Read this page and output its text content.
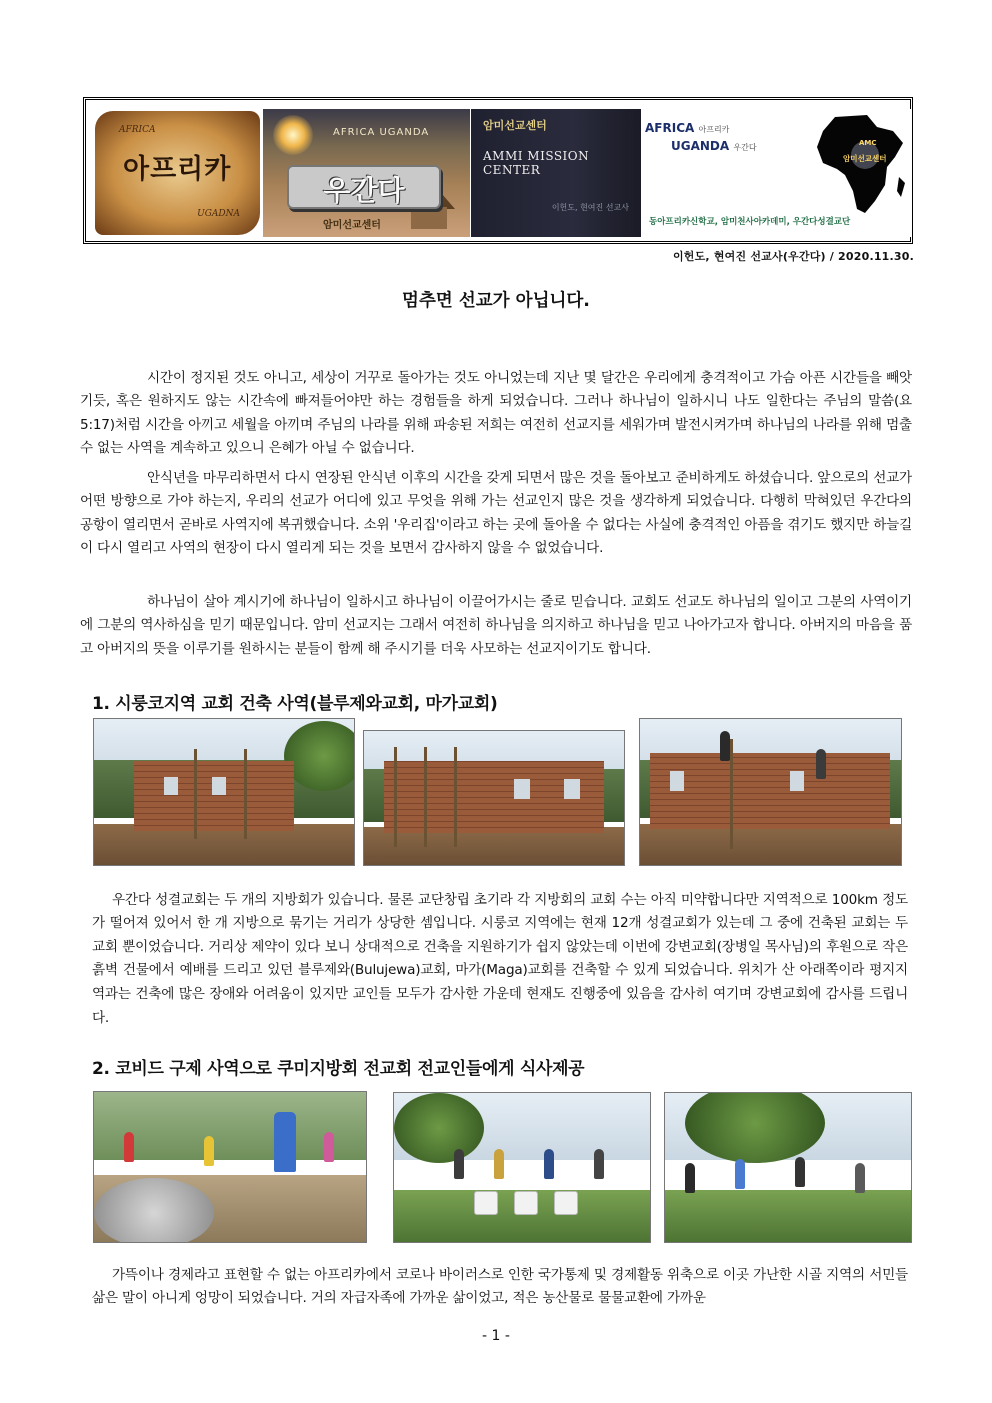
AFRICA
아프리카
UGADNA
AFRICA UGANDA
우간다
암미선교센터
암미선교센터
AMMI MISSION CENTER
이헌도, 현여진 선교사
AFRICA 아프리카
UGANDA 우간다	AMC
암미선교센터
동아프리카신학교, 암미천사아카데미, 우간다성결교단
이헌도, 현여진 선교사(우간다) / 2020.11.30.
멈추면 선교가 아닙니다.

시간이 정지된 것도 아니고, 세상이 거꾸로 돌아가는 것도 아니었는데 지난 몇 달간은 우리에게 충격적이고 가슴 아픈 시간들을 빼앗기듯, 혹은 원하지도 않는 시간속에 빠져들어야만 하는 경험들을 하게 되었습니다. 그러나 하나님이 일하시니 나도 일한다는 주님의 말씀(요 5:17)처럼 시간을 아끼고 세월을 아끼며 주님의 나라를 위해 파송된 저희는 여전히 선교지를 세워가며 발전시켜가며 하나님의 나라를 위해 멈출 수 없는 사역을 계속하고 있으니 은혜가 아닐 수 없습니다.

안식년을 마무리하면서 다시 연장된 안식년 이후의 시간을 갖게 되면서 많은 것을 돌아보고 준비하게도 하셨습니다. 앞으로의 선교가 어떤 방향으로 가야 하는지, 우리의 선교가 어디에 있고 무엇을 위해 가는 선교인지 많은 것을 생각하게 되었습니다. 다행히 막혀있던 우간다의 공항이 열리면서 곧바로 사역지에 복귀했습니다. 소위 '우리집'이라고 하는 곳에 돌아올 수 없다는 사실에 충격적인 아픔을 겪기도 했지만 하늘길이 다시 열리고 사역의 현장이 다시 열리게 되는 것을 보면서 감사하지 않을 수 없었습니다.

하나님이 살아 계시기에 하나님이 일하시고 하나님이 이끌어가시는 줄로 믿습니다. 교회도 선교도 하나님의 일이고 그분의 사역이기에 그분의 역사하심을 믿기 때문입니다. 암미 선교지는 그래서 여전히 하나님을 의지하고 하나님을 믿고 나아가고자 합니다. 아버지의 마음을 품고 아버지의 뜻을 이루기를 원하시는 분들이 함께 해 주시기를 더욱 사모하는 선교지이기도 합니다.

1. 시룽코지역 교회 건축 사역(블루제와교회, 마가교회)

우간다 성결교회는 두 개의 지방회가 있습니다. 물론 교단창립 초기라 각 지방회의 교회 수는 아직 미약합니다만 지역적으로 100km 정도가 떨어져 있어서 한 개 지방으로 묶기는 거리가 상당한 셈입니다. 시룽코 지역에는 현재 12개 성결교회가 있는데 그 중에 건축된 교회는 두 교회 뿐이었습니다. 거리상 제약이 있다 보니 상대적으로 건축을 지원하기가 쉽지 않았는데 이번에 강변교회(장병일 목사님)의 후원으로 작은 흙벽 건물에서 예배를 드리고 있던 블루제와(Bulujewa)교회, 마가(Maga)교회를 건축할 수 있게 되었습니다. 위치가 산 아래쪽이라 평지지역과는 건축에 많은 장애와 어려움이 있지만 교인들 모두가 감사한 가운데 현재도 진행중에 있음을 감사히 여기며 강변교회에 감사를 드립니다.

2. 코비드 구제 사역으로 쿠미지방회 전교회 전교인들에게 식사제공

가뜩이나 경제라고 표현할 수 없는 아프리카에서 코로나 바이러스로 인한 국가통제 및 경제활동 위축으로 이곳 가난한 시골 지역의 서민들 삶은 말이 아니게 엉망이 되었습니다. 거의 자급자족에 가까운 삶이었고, 적은 농산물로 물물교환에 가까운

- 1 -
